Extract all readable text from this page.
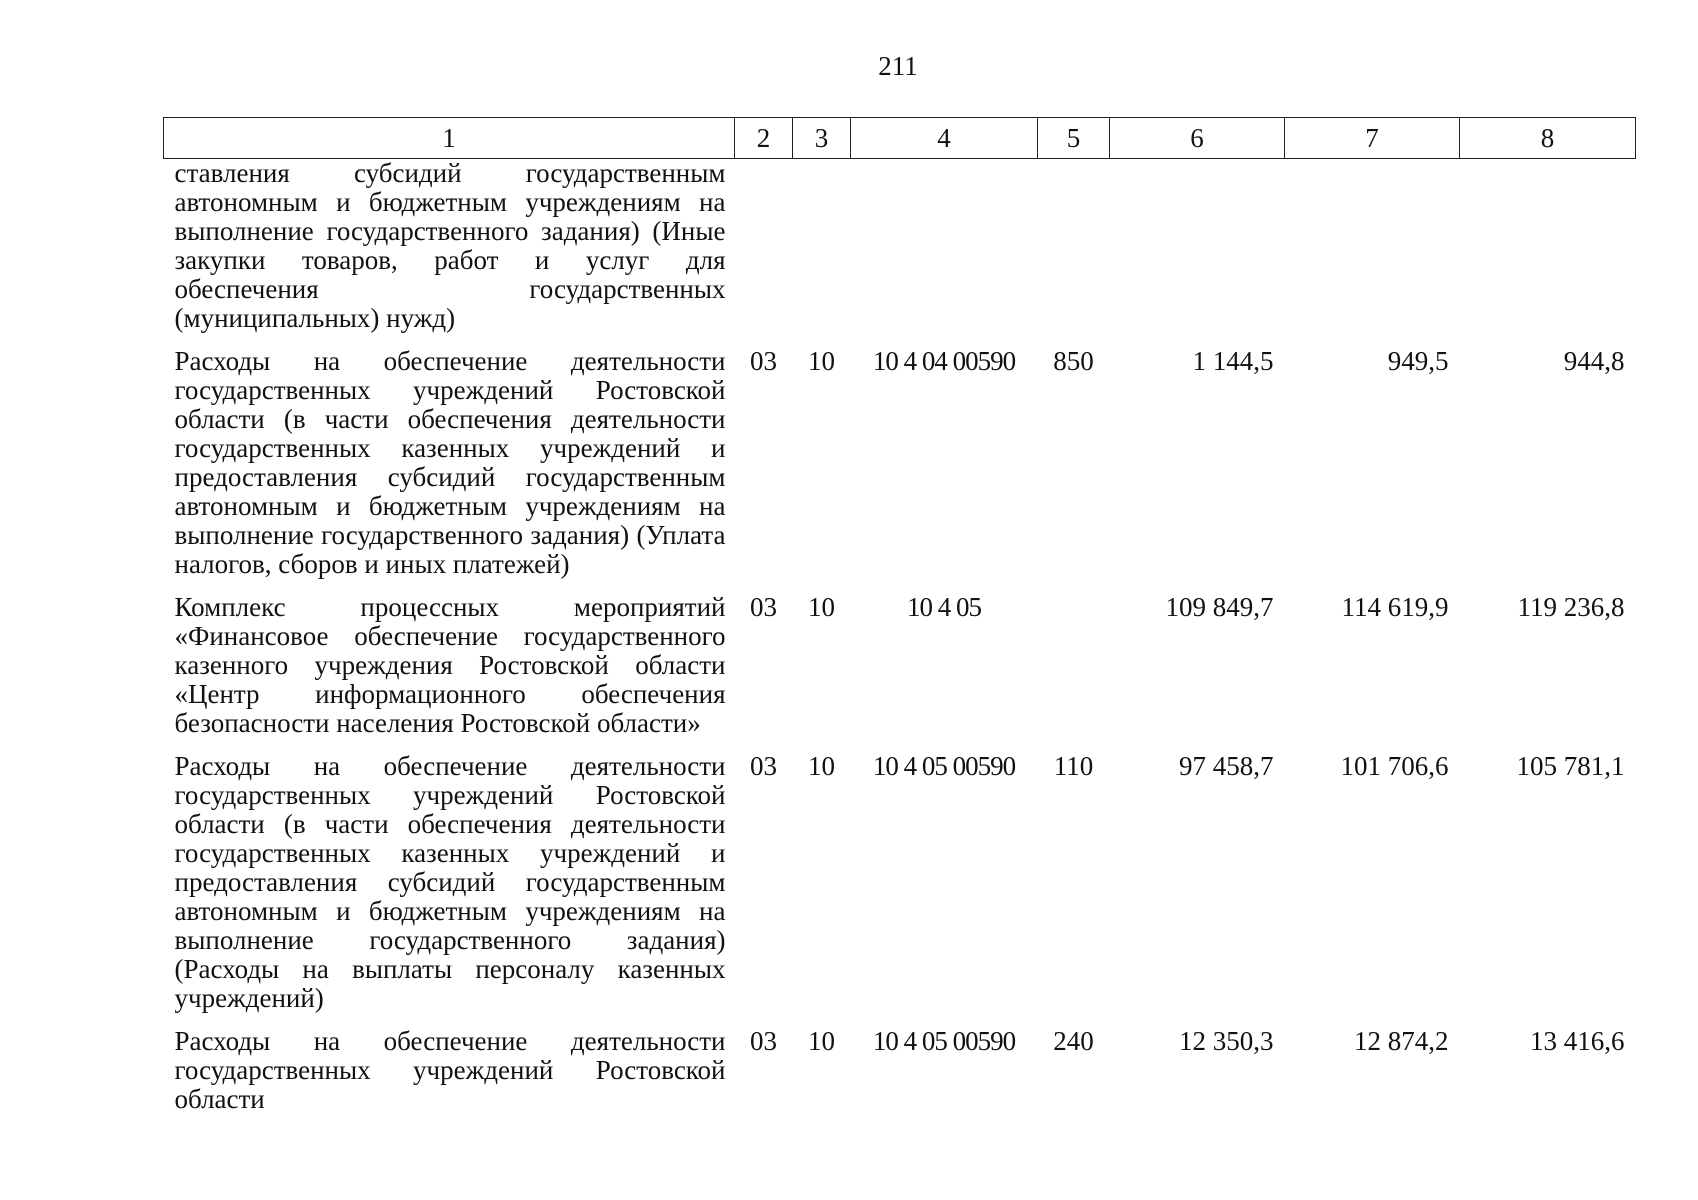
211
1	2	3	4	5	6	7	8
ставления субсидий государственным автономным и бюджетным учреждениям на выполнение государственного задания) (Иные закупки товаров, работ и услуг для обеспечения государственных (муниципальных) нужд)							
Расходы на обеспечение деятельности государственных учреждений Ростовской области (в части обеспечения деятельности государственных казенных учреждений и предоставления субсидий государственным автономным и бюджетным учреждениям на выполнение государственного задания) (Уплата налогов, сборов и иных платежей)	03	10	10 4 04 00590	850	1 144,5	949,5	944,8
Комплекс процессных мероприятий «Финансовое обеспечение государственного казенного учреждения Ростовской области «Центр информационного обеспечения безопасности населения Ростовской области»	03	10	10 4 05		109 849,7	114 619,9	119 236,8
Расходы на обеспечение деятельности государственных учреждений Ростовской области (в части обеспечения деятельности государственных казенных учреждений и предоставления субсидий государственным автономным и бюджетным учреждениям на выполнение государственного задания) (Расходы на выплаты персоналу казенных учреждений)	03	10	10 4 05 00590	110	97 458,7	101 706,6	105 781,1
Расходы на обеспечение деятельности государственных учреждений Ростовской области	03	10	10 4 05 00590	240	12 350,3	12 874,2	13 416,6
